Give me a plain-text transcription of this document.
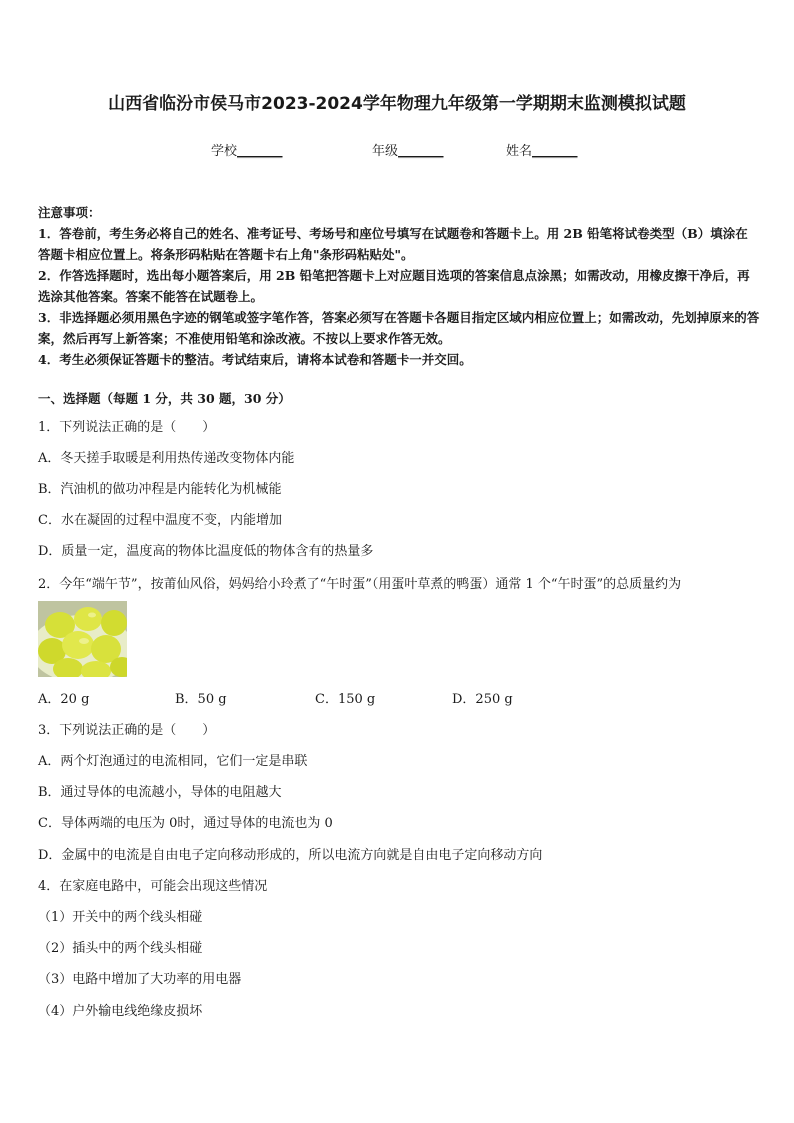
山西省临汾市侯马市2023-2024学年物理九年级第一学期期末监测模拟试题
学校_______	年级_______	姓名_______

注意事项：

1．答卷前，考生务必将自己的姓名、准考证号、考场号和座位号填写在试题卷和答题卡上。用 2B 铅笔将试卷类型（B）填涂在答题卡相应位置上。将条形码粘贴在答题卡右上角"条形码粘贴处"。

2．作答选择题时，选出每小题答案后，用 2B 铅笔把答题卡上对应题目选项的答案信息点涂黑；如需改动，用橡皮擦干净后，再选涂其他答案。答案不能答在试题卷上。

3．非选择题必须用黑色字迹的钢笔或签字笔作答，答案必须写在答题卡各题目指定区域内相应位置上；如需改动，先划掉原来的答案，然后再写上新答案；不准使用铅笔和涂改液。不按以上要求作答无效。

4．考生必须保证答题卡的整洁。考试结束后，请将本试卷和答题卡一并交回。

一、选择题（每题 1 分，共 30 题，30 分）
1．下列说法正确的是（　　）
A．冬天搓手取暖是利用热传递改变物体内能
B．汽油机的做功冲程是内能转化为机械能
C．水在凝固的过程中温度不变，内能增加
D．质量一定，温度高的物体比温度低的物体含有的热量多
2．今年“端午节”，按莆仙风俗，妈妈给小玲煮了“午时蛋”（用蛋叶草煮的鸭蛋）通常 1 个“午时蛋”的总质量约为
A．20 g	B．50 g	C．150 g	D．250 g
3．下列说法正确的是（　　）
A．两个灯泡通过的电流相同，它们一定是串联
B．通过导体的电流越小，导体的电阻越大
C．导体两端的电压为 0时，通过导体的电流也为 0
D．金属中的电流是自由电子定向移动形成的，所以电流方向就是自由电子定向移动方向
4．在家庭电路中，可能会出现这些情况
（1）开关中的两个线头相碰
（2）插头中的两个线头相碰
（3）电路中增加了大功率的用电器
（4）户外输电线绝缘皮损坏
